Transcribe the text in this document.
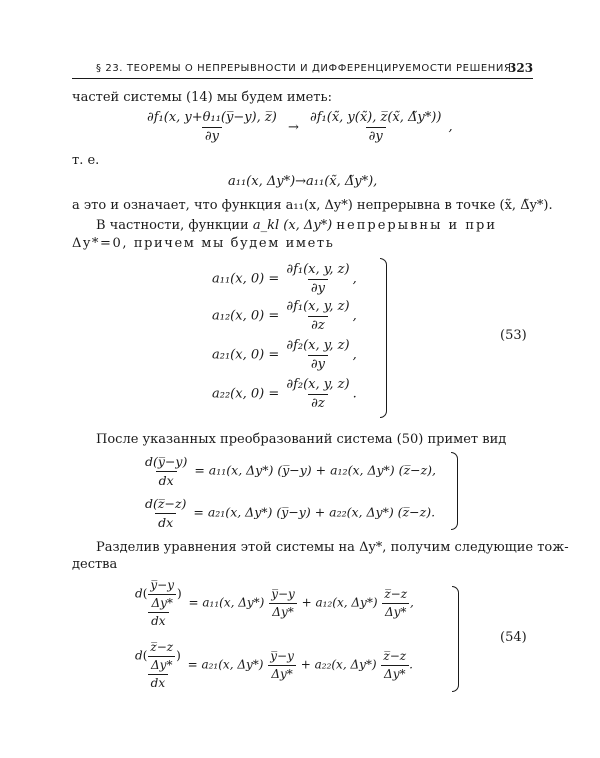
§ 23. ТЕОРЕМЫ О НЕПРЕРЫВНОСТИ И ДИФФЕРЕНЦИРУЕМОСТИ РЕШЕНИЯ
323
частей системы (14) мы будем иметь:
$\frac{\text{∂f₁(x, y+θ₁₁(y̅−y), z̅)}}{\partial y} \to \frac{\text{∂f₁(x̃, y(x̃), z̅(x̃, Δ̃y*))}}{\partial y}$ ,
т. е.
a₁₁(x, Δy*)→a₁₁(x̃, Δ̃y*),
а это и означает, что функция a₁₁(x, Δy*) непрерывна в точке (x̃, Δ̃y*).
В частности, функции a_kl (x, Δy*) непрерывны и при
Δy*=0, причем мы будем иметь
a₁₁(x, $0) = \frac{\text{∂f₁(x, y, z)}}{\partial y}$ ,
a₁₂(x, $0) = \frac{\text{∂f₁(x, y, z)}}{\partial z}$ ,
a₂₁(x, $0) = \frac{\text{∂f₂(x, y, z)}}{\partial y}$ ,
a₂₂(x, $0) = \frac{\text{∂f₂(x, y, z)}}{\partial z}$ .
(53)
После указанных преобразований система (50) примет вид
$\frac{d(y̅-y)}{dx} = a_{11}(x$, Δy*) (y̅−y) + a₁₂(x, Δy*) (z̅−z),
$\frac{d(z̅-z)}{dx} = a_{21}(x$, Δy*) (y̅−y) + a₂₂(x, Δy*) (z̅−z).
Разделив уравнения этой системы на Δy*, получим следующие тож-
дества
$\frac{d( \frac{y̅-y}{\Delta y*} )}{dx} = a_{11}(x$, $\Delta y*) \frac{y̅-y}{\Delta y*} + a_{12}(x$, $\Delta y*) \frac{z̅-z}{\Delta y*}$ ,
$\frac{d( \frac{z̅-z}{\Delta y*} )}{dx} = a_{21}(x$, $\Delta y*) \frac{y̅-y}{\Delta y*} + a_{22}(x$, $\Delta y*) \frac{z̅-z}{\Delta y*}$ .
(54)
